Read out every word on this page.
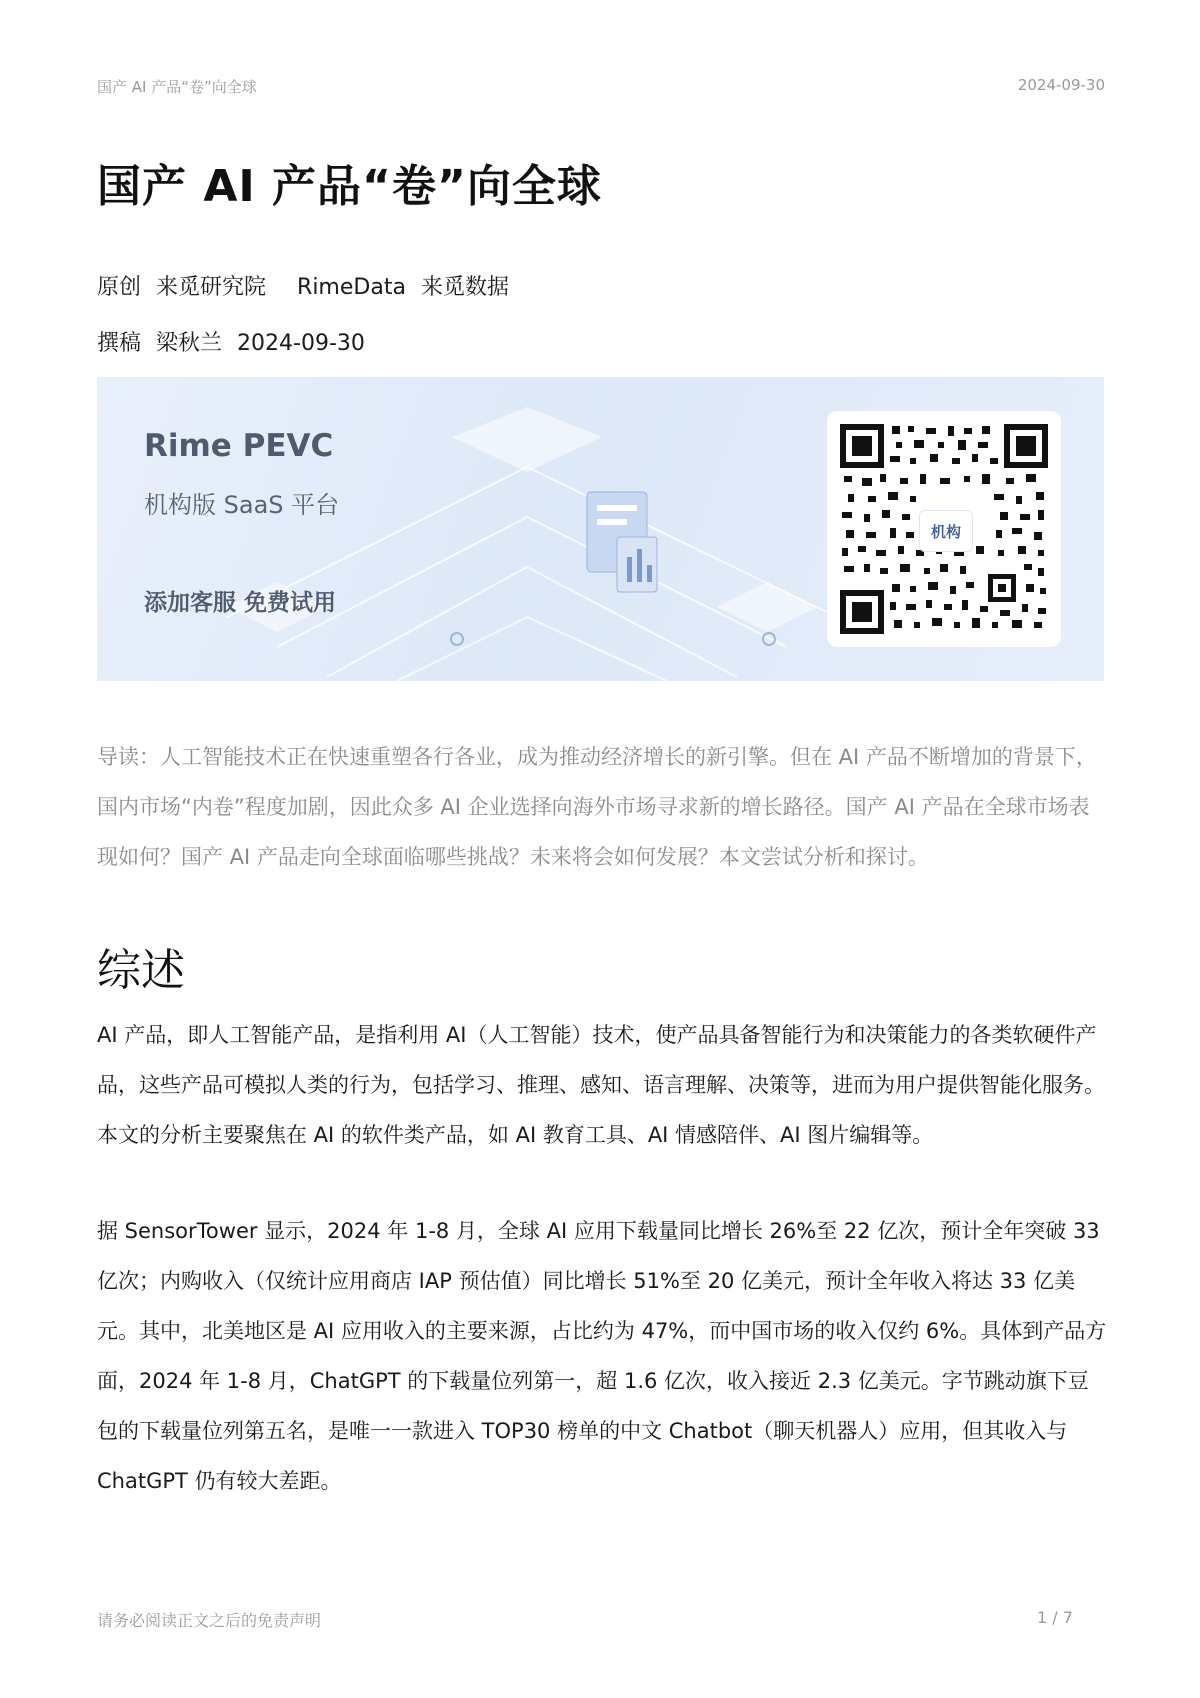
国产 AI 产品“卷”向全球	2024-09-30
国产 AI 产品“卷”向全球
原创 来觅研究院 RimeData 来觅数据
撰稿 梁秋兰 2024-09-30
Rime PEVC
机构版 SaaS 平台
添加客服 免费试用
机构

导读：人工智能技术正在快速重塑各行各业，成为推动经济增长的新引擎。但在 AI 产品不断增加的背景下，国内市场“内卷”程度加剧，因此众多 AI 企业选择向海外市场寻求新的增长路径。国产 AI 产品在全球市场表现如何？国产 AI 产品走向全球面临哪些挑战？未来将会如何发展？本文尝试分析和探讨。

综述

AI 产品，即人工智能产品，是指利用 AI（人工智能）技术，使产品具备智能行为和决策能力的各类软硬件产品，这些产品可模拟人类的行为，包括学习、推理、感知、语言理解、决策等，进而为用户提供智能化服务。本文的分析主要聚焦在 AI 的软件类产品，如 AI 教育工具、AI 情感陪伴、AI 图片编辑等。

据 SensorTower 显示，2024 年 1-8 月，全球 AI 应用下载量同比增长 26%至 22 亿次，预计全年突破 33 亿次；内购收入（仅统计应用商店 IAP 预估值）同比增长 51%至 20 亿美元，预计全年收入将达 33 亿美元。其中，北美地区是 AI 应用收入的主要来源，占比约为 47%，而中国市场的收入仅约 6%。具体到产品方面，2024 年 1-8 月，ChatGPT 的下载量位列第一，超 1.6 亿次，收入接近 2.3 亿美元。字节跳动旗下豆包的下载量位列第五名，是唯一一款进入 TOP30 榜单的中文 Chatbot（聊天机器人）应用，但其收入与 ChatGPT 仍有较大差距。

请务必阅读正文之后的免责声明	1 / 7
